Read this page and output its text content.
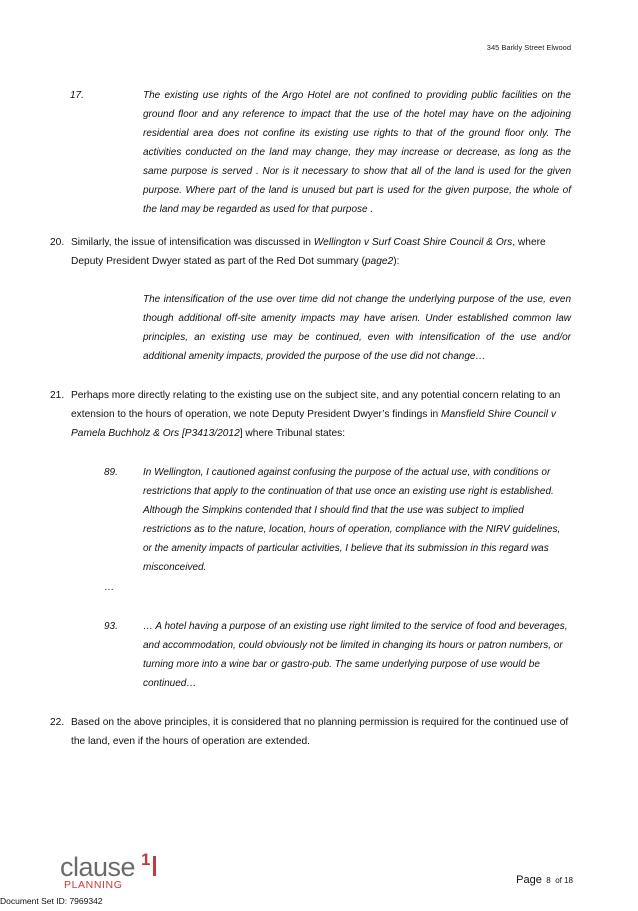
345 Barkly Street Elwood
17.	The existing use rights of the Argo Hotel are not confined to providing public facilities on the ground floor and any reference to impact that the use of the hotel may have on the adjoining residential area does not confine its existing use rights to that of the ground floor only. The activities conducted on the land may change, they may increase or decrease, as long as the same purpose is served . Nor is it necessary to show that all of the land is used for the given purpose. Where part of the land is unused but part is used for the given purpose, the whole of the land may be regarded as used for that purpose .
20. Similarly, the issue of intensification was discussed in Wellington v Surf Coast Shire Council & Ors, where Deputy President Dwyer stated as part of the Red Dot summary (page2):
The intensification of the use over time did not change the underlying purpose of the use, even though additional off-site amenity impacts may have arisen. Under established common law principles, an existing use may be continued, even with intensification of the use and/or additional amenity impacts, provided the purpose of the use did not change…
21. Perhaps more directly relating to the existing use on the subject site, and any potential concern relating to an extension to the hours of operation, we note Deputy President Dwyer’s findings in Mansfield Shire Council v Pamela Buchholz & Ors [P3413/2012] where Tribunal states:
89.	In Wellington, I cautioned against confusing the purpose of the actual use, with conditions or restrictions that apply to the continuation of that use once an existing use right is established. Although the Simpkins contended that I should find that the use was subject to implied restrictions as to the nature, location, hours of operation, compliance with the NIRV guidelines, or the amenity impacts of particular activities, I believe that its submission in this regard was misconceived.
…
93.	… A hotel having a purpose of an existing use right limited to the service of food and beverages, and accommodation, could obviously not be limited in changing its hours or patron numbers, or turning more into a wine bar or gastro-pub. The same underlying purpose of use would be continued…
22. Based on the above principles, it is considered that no planning permission is required for the continued use of the land, even if the hours of operation are extended.
clause 1
PLANNING	Page 8 of 18
Document Set ID: 7969342
